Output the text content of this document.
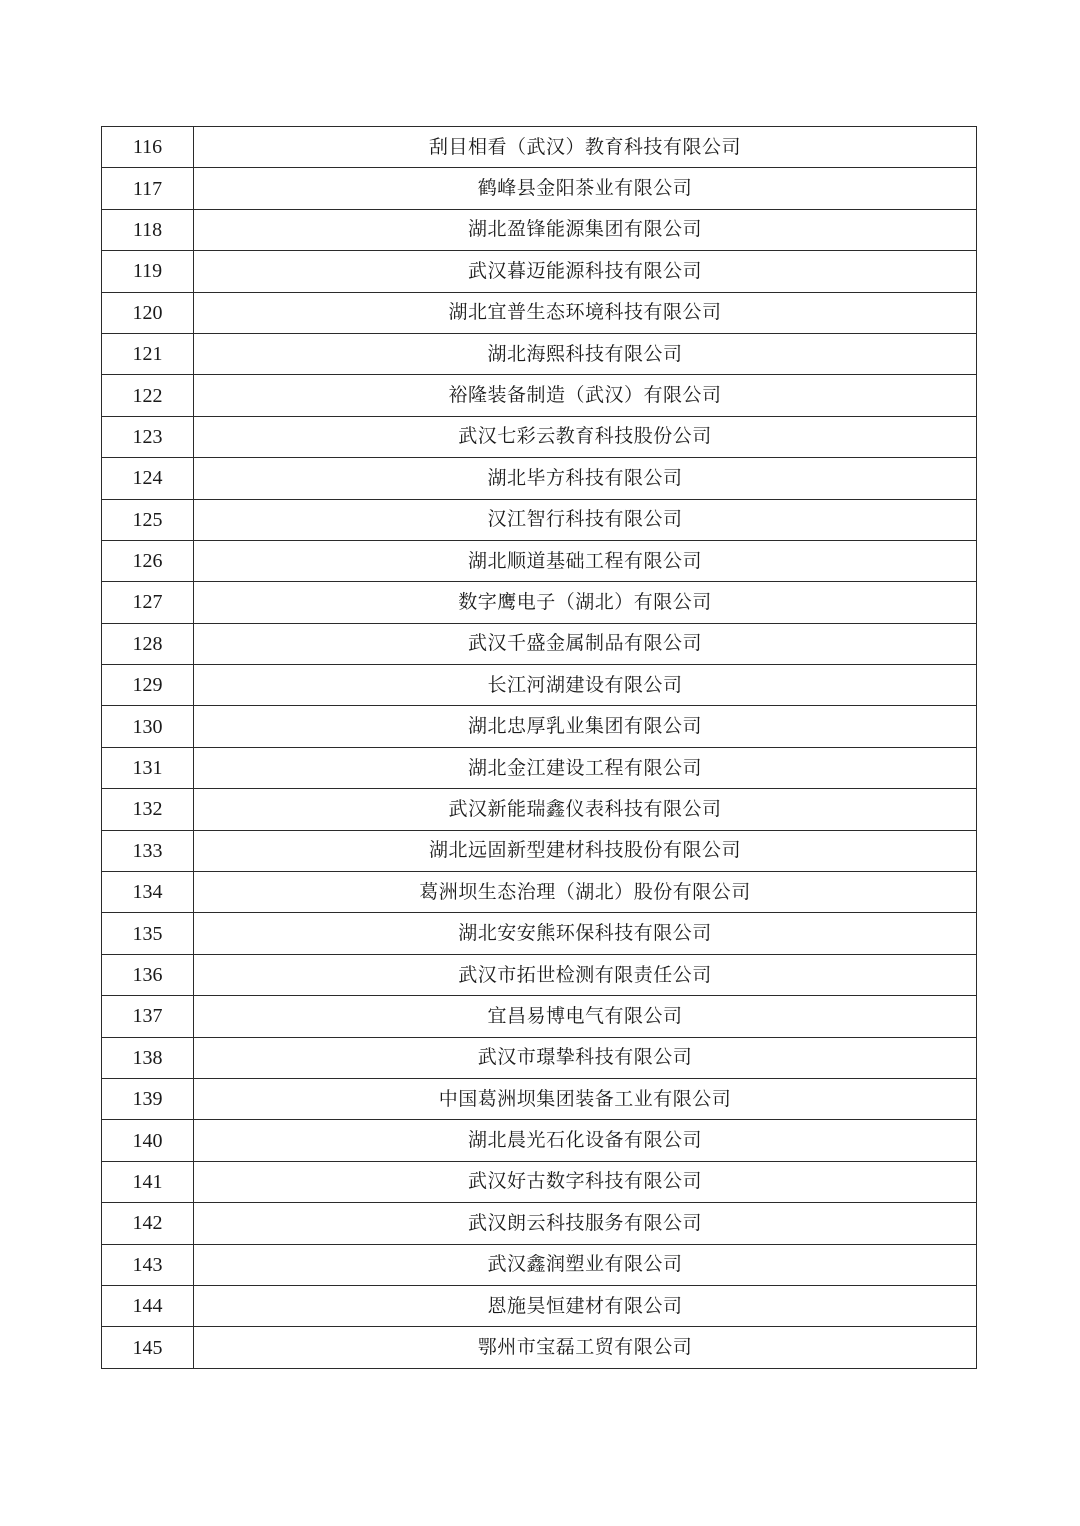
116	刮目相看（武汉）教育科技有限公司
117	鹤峰县金阳茶业有限公司
118	湖北盈锋能源集团有限公司
119	武汉暮迈能源科技有限公司
120	湖北宜普生态环境科技有限公司
121	湖北海熙科技有限公司
122	裕隆装备制造（武汉）有限公司
123	武汉七彩云教育科技股份公司
124	湖北毕方科技有限公司
125	汉江智行科技有限公司
126	湖北顺道基础工程有限公司
127	数字鹰电子（湖北）有限公司
128	武汉千盛金属制品有限公司
129	长江河湖建设有限公司
130	湖北忠厚乳业集团有限公司
131	湖北金江建设工程有限公司
132	武汉新能瑞鑫仪表科技有限公司
133	湖北远固新型建材科技股份有限公司
134	葛洲坝生态治理（湖北）股份有限公司
135	湖北安安熊环保科技有限公司
136	武汉市拓世检测有限责任公司
137	宜昌易博电气有限公司
138	武汉市璟挚科技有限公司
139	中国葛洲坝集团装备工业有限公司
140	湖北晨光石化设备有限公司
141	武汉好古数字科技有限公司
142	武汉朗云科技服务有限公司
143	武汉鑫润塑业有限公司
144	恩施昊恒建材有限公司
145	鄂州市宝磊工贸有限公司
